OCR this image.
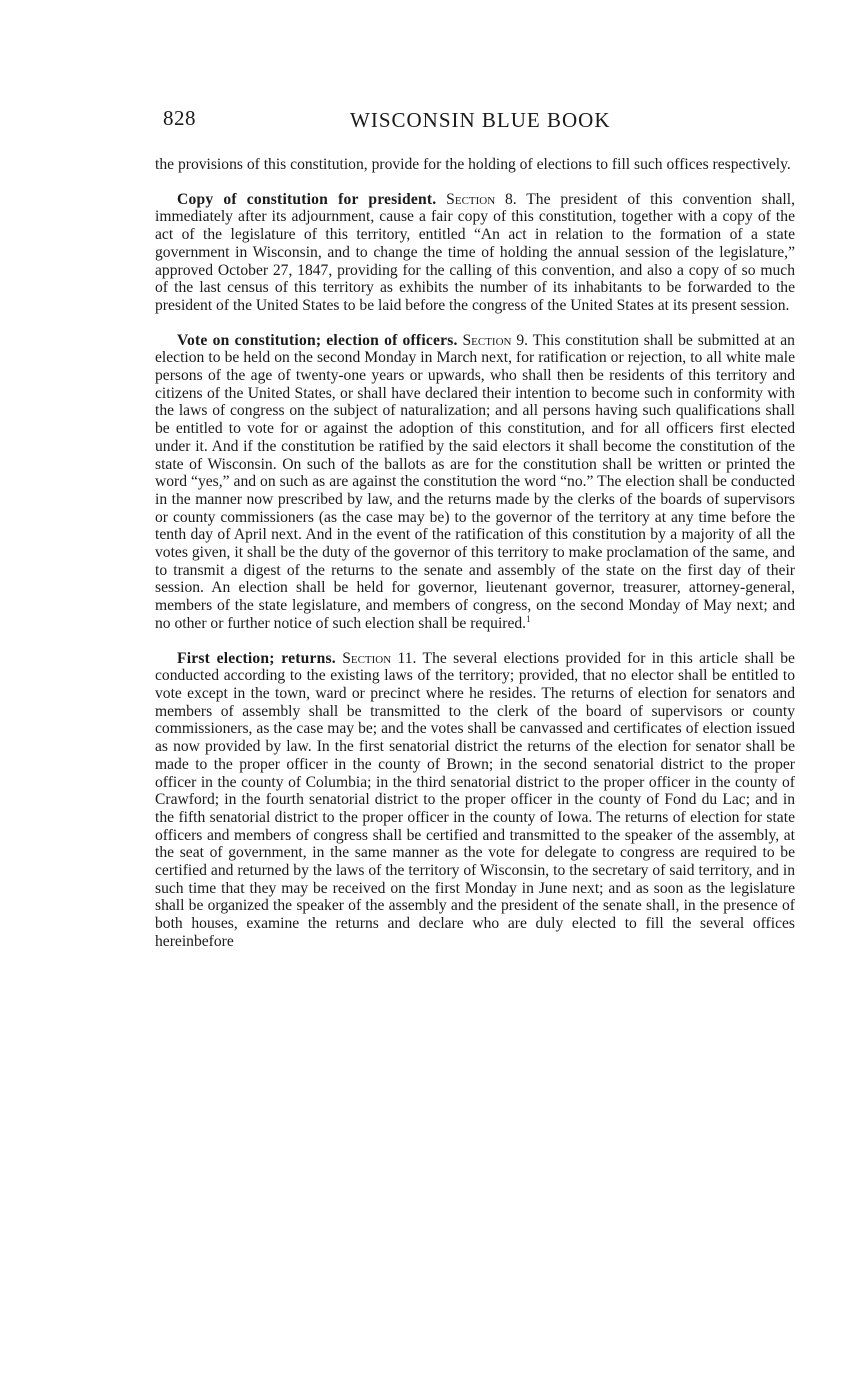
828	WISCONSIN BLUE BOOK

the provisions of this constitution, provide for the holding of elections to fill such offices respectively.

Copy of constitution for president. Section 8. The president of this convention shall, immediately after its adjournment, cause a fair copy of this constitution, together with a copy of the act of the legislature of this territory, entitled “An act in relation to the formation of a state government in Wisconsin, and to change the time of holding the annual session of the legislature,” approved October 27, 1847, providing for the calling of this convention, and also a copy of so much of the last census of this territory as exhibits the number of its inhabitants to be forwarded to the president of the United States to be laid before the congress of the United States at its present session.

Vote on constitution; election of officers. Section 9. This constitution shall be submitted at an election to be held on the second Monday in March next, for ratification or rejection, to all white male persons of the age of twenty-one years or upwards, who shall then be residents of this territory and citizens of the United States, or shall have declared their intention to become such in conformity with the laws of congress on the subject of naturalization; and all persons having such qualifications shall be entitled to vote for or against the adoption of this constitution, and for all officers first elected under it. And if the constitution be ratified by the said electors it shall become the constitution of the state of Wisconsin. On such of the ballots as are for the constitution shall be written or printed the word “yes,” and on such as are against the constitution the word “no.” The election shall be conducted in the manner now prescribed by law, and the returns made by the clerks of the boards of supervisors or county commissioners (as the case may be) to the governor of the territory at any time before the tenth day of April next. And in the event of the ratification of this constitution by a majority of all the votes given, it shall be the duty of the governor of this territory to make proclamation of the same, and to transmit a digest of the returns to the senate and assembly of the state on the first day of their session. An election shall be held for governor, lieutenant governor, treasurer, attorney-general, members of the state legislature, and members of congress, on the second Monday of May next; and no other or further notice of such election shall be required.$^1$

First election; returns. Section 11. The several elections provided for in this article shall be conducted according to the existing laws of the territory; provided, that no elector shall be entitled to vote except in the town, ward or precinct where he resides. The returns of election for senators and members of assembly shall be transmitted to the clerk of the board of supervisors or county commissioners, as the case may be; and the votes shall be canvassed and certificates of election issued as now provided by law. In the first senatorial district the returns of the election for senator shall be made to the proper officer in the county of Brown; in the second senatorial district to the proper officer in the county of Columbia; in the third senatorial district to the proper officer in the county of Crawford; in the fourth senatorial district to the proper officer in the county of Fond du Lac; and in the fifth senatorial district to the proper officer in the county of Iowa. The returns of election for state officers and members of congress shall be certified and transmitted to the speaker of the assembly, at the seat of government, in the same manner as the vote for delegate to congress are required to be certified and returned by the laws of the territory of Wisconsin, to the secretary of said territory, and in such time that they may be received on the first Monday in June next; and as soon as the legislature shall be organized the speaker of the assembly and the president of the senate shall, in the presence of both houses, examine the returns and declare who are duly elected to fill the several offices hereinbefore
